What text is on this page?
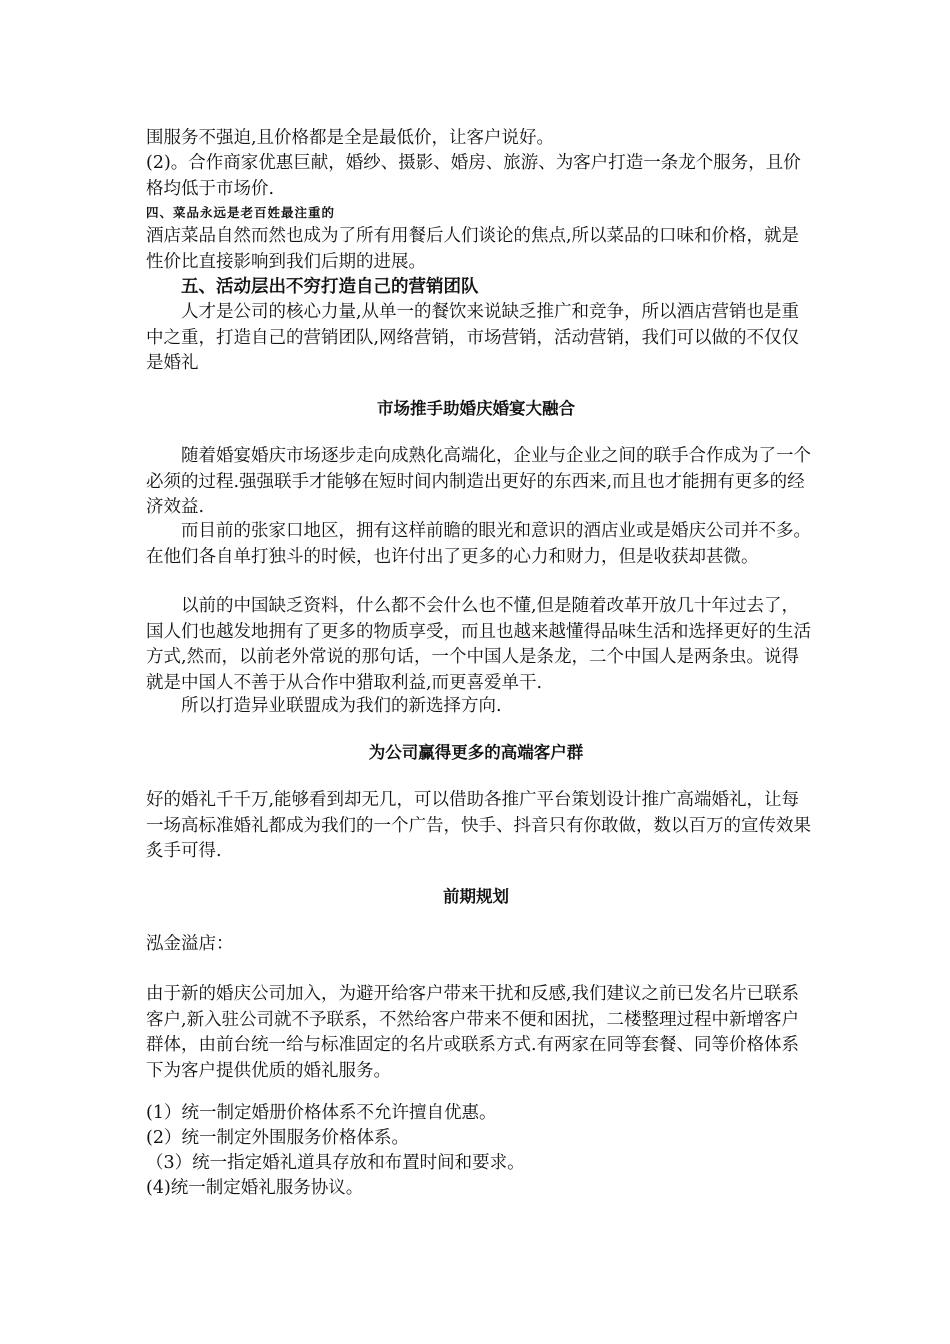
围服务不强迫,且价格都是全是最低价，让客户说好。

(2)。合作商家优惠巨献，婚纱、摄影、婚房、旅游、为客户打造一条龙个服务，且价格均低于市场价.

四、菜品永远是老百姓最注重的

酒店菜品自然而然也成为了所有用餐后人们谈论的焦点,所以菜品的口味和价格，就是性价比直接影响到我们后期的进展。

五、活动层出不穷打造自己的营销团队

人才是公司的核心力量,从单一的餐饮来说缺乏推广和竞争，所以酒店营销也是重中之重，打造自己的营销团队,网络营销，市场营销，活动营销，我们可以做的不仅仅是婚礼

市场推手助婚庆婚宴大融合

随着婚宴婚庆市场逐步走向成熟化高端化，企业与企业之间的联手合作成为了一个必须的过程.强强联手才能够在短时间内制造出更好的东西来,而且也才能拥有更多的经济效益.

而目前的张家口地区，拥有这样前瞻的眼光和意识的酒店业或是婚庆公司并不多。在他们各自单打独斗的时候，也许付出了更多的心力和财力，但是收获却甚微。

以前的中国缺乏资料，什么都不会什么也不懂,但是随着改革开放几十年过去了，国人们也越发地拥有了更多的物质享受，而且也越来越懂得品味生活和选择更好的生活方式,然而，以前老外常说的那句话，一个中国人是条龙，二个中国人是两条虫。说得就是中国人不善于从合作中猎取利益,而更喜爱单干.

所以打造异业联盟成为我们的新选择方向.

为公司赢得更多的高端客户群

好的婚礼千千万,能够看到却无几，可以借助各推广平台策划设计推广高端婚礼，让每一场高标准婚礼都成为我们的一个广告，快手、抖音只有你敢做，数以百万的宣传效果炙手可得.

前期规划

泓金溢店：

由于新的婚庆公司加入，为避开给客户带来干扰和反感,我们建议之前已发名片已联系客户,新入驻公司就不予联系，不然给客户带来不便和困扰，二楼整理过程中新增客户群体，由前台统一给与标准固定的名片或联系方式.有两家在同等套餐、同等价格体系下为客户提供优质的婚礼服务。

(1）统一制定婚册价格体系不允许擅自优惠。

(2）统一制定外围服务价格体系。

（3）统一指定婚礼道具存放和布置时间和要求。

(4)统一制定婚礼服务协议。
